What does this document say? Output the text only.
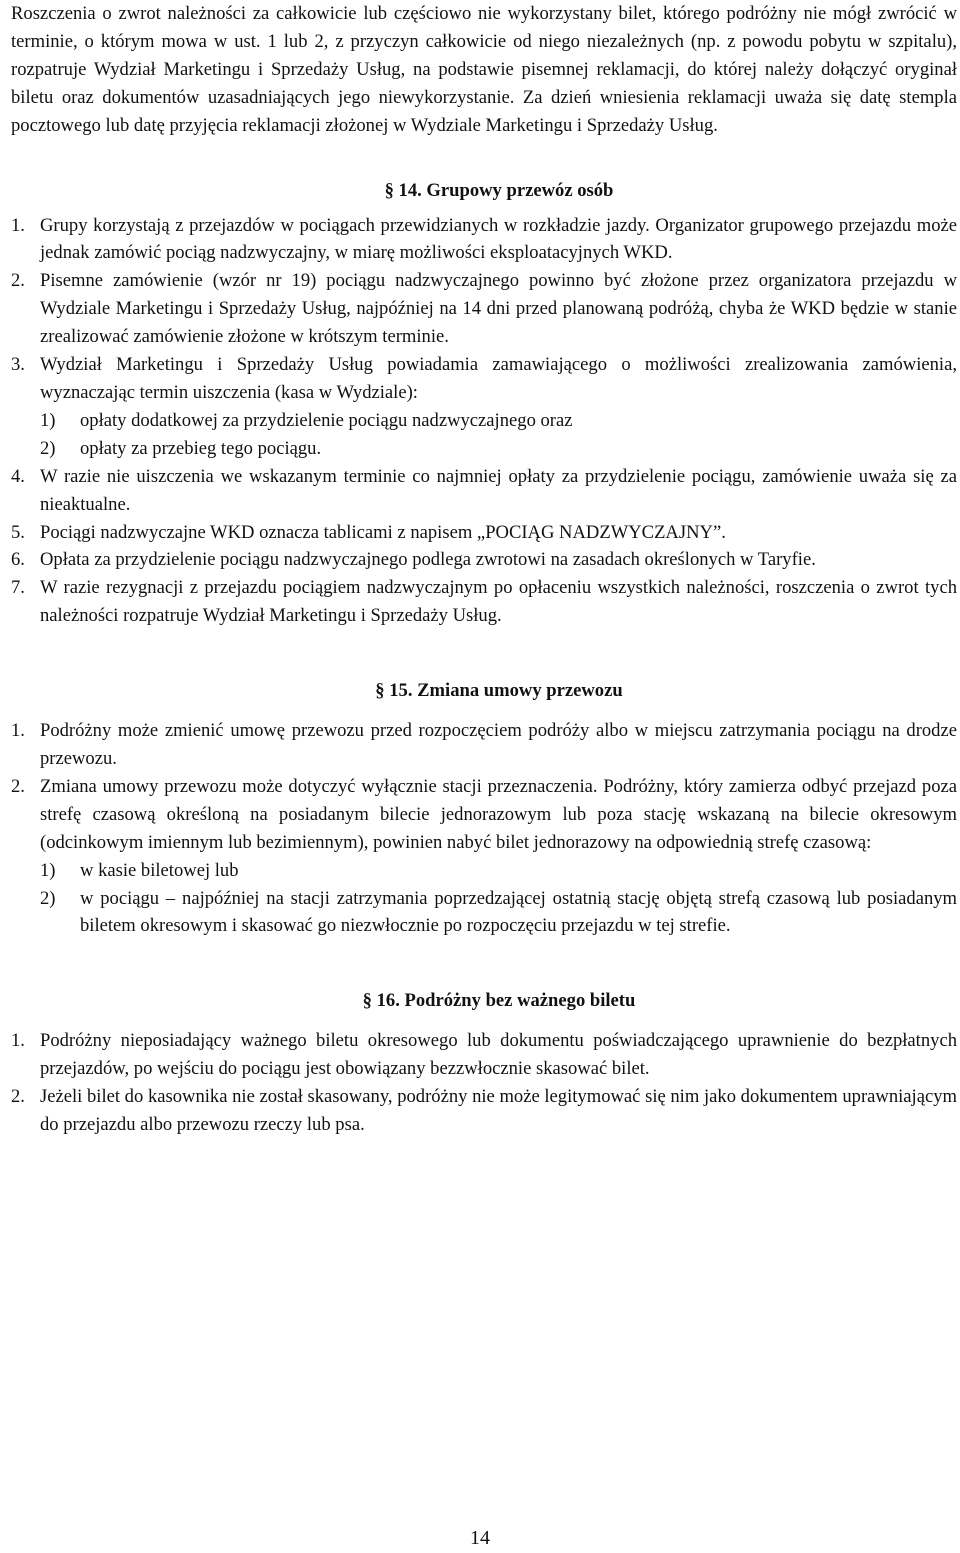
Roszczenia o zwrot należności za całkowicie lub częściowo nie wykorzystany bilet, którego podróżny nie mógł zwrócić w terminie, o którym mowa w ust. 1 lub 2, z przyczyn całkowicie od niego niezależnych (np. z powodu pobytu w szpitalu), rozpatruje Wydział Marketingu i Sprzedaży Usług, na podstawie pisemnej reklamacji, do której należy dołączyć oryginał biletu oraz dokumentów uzasadniających jego niewykorzystanie. Za dzień wniesienia reklamacji uważa się datę stempla pocztowego lub datę przyjęcia reklamacji złożonej w Wydziale Marketingu i Sprzedaży Usług.

§ 14. Grupowy przewóz osób

1. Grupy korzystają z przejazdów w pociągach przewidzianych w rozkładzie jazdy. Organizator grupowego przejazdu może jednak zamówić pociąg nadzwyczajny, w miarę możliwości eksploatacyjnych WKD.
2. Pisemne zamówienie (wzór nr 19) pociągu nadzwyczajnego powinno być złożone przez organizatora przejazdu w Wydziale Marketingu i Sprzedaży Usług, najpóźniej na 14 dni przed planowaną podróżą, chyba że WKD będzie w stanie zrealizować zamówienie złożone w krótszym terminie.
3. Wydział Marketingu i Sprzedaży Usług powiadamia zamawiającego o możliwości zrealizowania zamówienia, wyznaczając termin uiszczenia (kasa w Wydziale):
1)	opłaty dodatkowej za przydzielenie pociągu nadzwyczajnego oraz
2)	opłaty za przebieg tego pociągu.
4. W razie nie uiszczenia we wskazanym terminie co najmniej opłaty za przydzielenie pociągu, zamówienie uważa się za nieaktualne.
5. Pociągi nadzwyczajne WKD oznacza tablicami z napisem „POCIĄG NADZWYCZAJNY”.
6. Opłata za przydzielenie pociągu nadzwyczajnego podlega zwrotowi na zasadach określonych w Taryfie.
7. W razie rezygnacji z przejazdu pociągiem nadzwyczajnym po opłaceniu wszystkich należności, roszczenia o zwrot tych należności rozpatruje Wydział Marketingu i Sprzedaży Usług.

§ 15. Zmiana umowy przewozu

1. Podróżny może zmienić umowę przewozu przed rozpoczęciem podróży albo w miejscu zatrzymania pociągu na drodze przewozu.
2. Zmiana umowy przewozu może dotyczyć wyłącznie stacji przeznaczenia. Podróżny, który zamierza odbyć przejazd poza strefę czasową określoną na posiadanym bilecie jednorazowym lub poza stację wskazaną na bilecie okresowym (odcinkowym imiennym lub bezimiennym), powinien nabyć bilet jednorazowy na odpowiednią strefę czasową:
1)	w kasie biletowej lub
2)	w pociągu – najpóźniej na stacji zatrzymania poprzedzającej ostatnią stację objętą strefą czasową lub posiadanym biletem okresowym i skasować go niezwłocznie po rozpoczęciu przejazdu w tej strefie.

§ 16. Podróżny bez ważnego biletu

1. Podróżny nieposiadający ważnego biletu okresowego lub dokumentu poświadczającego uprawnienie do bezpłatnych przejazdów, po wejściu do pociągu jest obowiązany bezzwłocznie skasować bilet.
2. Jeżeli bilet do kasownika nie został skasowany, podróżny nie może legitymować się nim jako dokumentem uprawniającym do przejazdu albo przewozu rzeczy lub psa.
14
